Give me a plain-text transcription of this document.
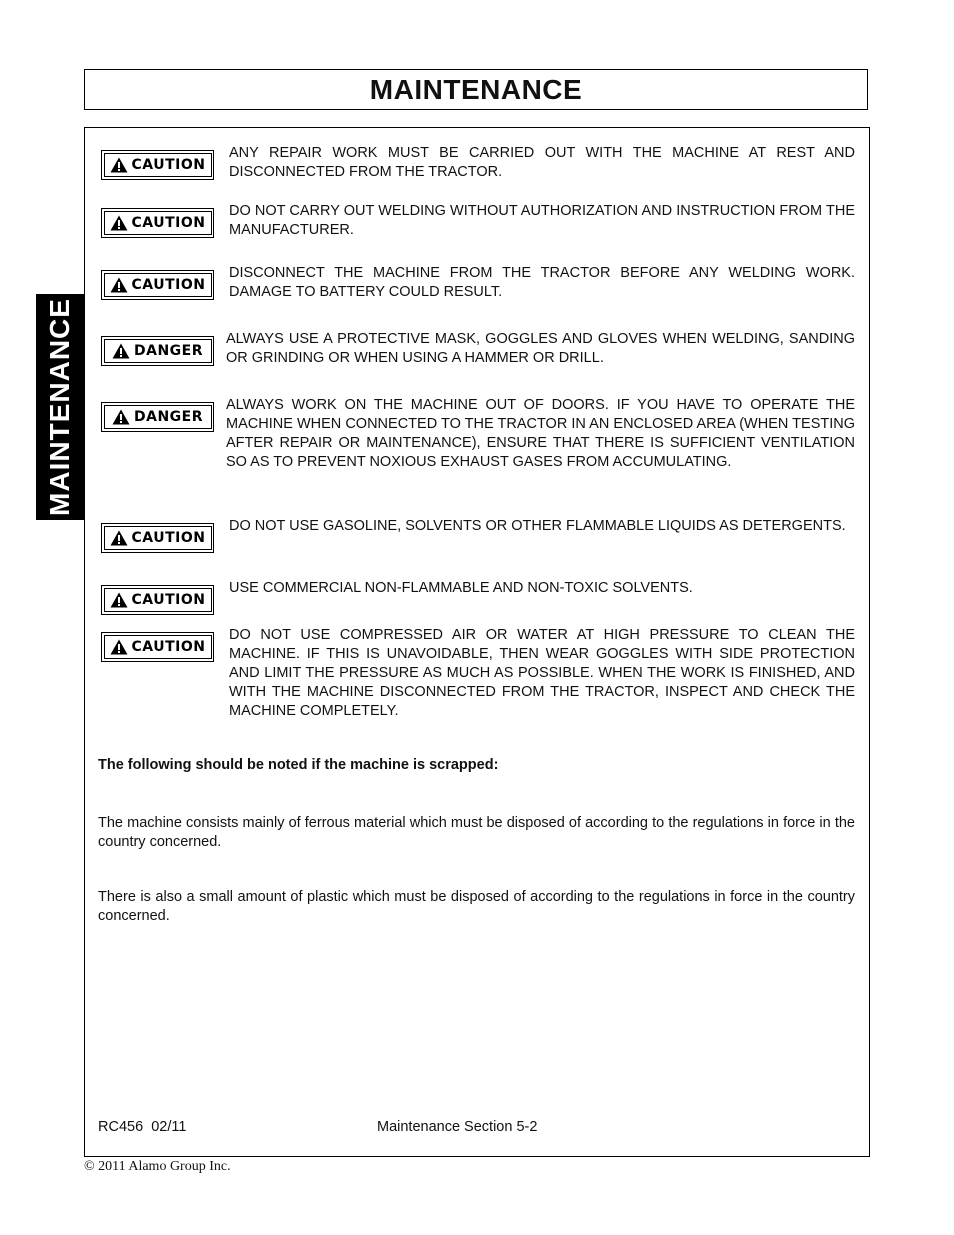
MAINTENANCE
MAINTENANCE
CAUTION

ANY REPAIR WORK MUST BE CARRIED OUT WITH THE MACHINE AT REST AND DISCONNECTED FROM THE TRACTOR.

CAUTION

DO NOT CARRY OUT WELDING WITHOUT AUTHORIZATION AND INSTRUCTION FROM THE MANUFACTURER.

CAUTION

DISCONNECT THE MACHINE FROM THE TRACTOR BEFORE ANY WELDING WORK. DAMAGE TO BATTERY COULD RESULT.

DANGER

ALWAYS USE A PROTECTIVE MASK, GOGGLES AND GLOVES WHEN WELDING, SANDING OR GRINDING OR WHEN USING A HAMMER OR DRILL.

DANGER

ALWAYS WORK ON THE MACHINE OUT OF DOORS. IF YOU HAVE TO OPERATE THE MACHINE WHEN CONNECTED TO THE TRACTOR IN AN ENCLOSED AREA (WHEN TESTING AFTER REPAIR OR MAINTENANCE), ENSURE THAT THERE IS SUFFICIENT VENTILATION SO AS TO PREVENT NOXIOUS EXHAUST GASES FROM ACCUMULATING.

CAUTION

DO NOT USE GASOLINE, SOLVENTS OR OTHER FLAMMABLE LIQUIDS AS DETERGENTS.

CAUTION

USE COMMERCIAL NON-FLAMMABLE AND NON-TOXIC SOLVENTS.

CAUTION

DO NOT USE COMPRESSED AIR OR WATER AT HIGH PRESSURE TO CLEAN THE MACHINE. IF THIS IS UNAVOIDABLE, THEN WEAR GOGGLES WITH SIDE PROTECTION AND LIMIT THE PRESSURE AS MUCH AS POSSIBLE. WHEN THE WORK IS FINISHED, AND WITH THE MACHINE DISCONNECTED FROM THE TRACTOR, INSPECT AND CHECK THE MACHINE COMPLETELY.

The following should be noted if the machine is scrapped:

The machine consists mainly of ferrous material which must be disposed of according to the regulations in force in the country concerned.

There is also a small amount of plastic which must be disposed of according to the regulations in force in the country concerned.

RC456  02/11	Maintenance Section 5-2
© 2011 Alamo Group Inc.
